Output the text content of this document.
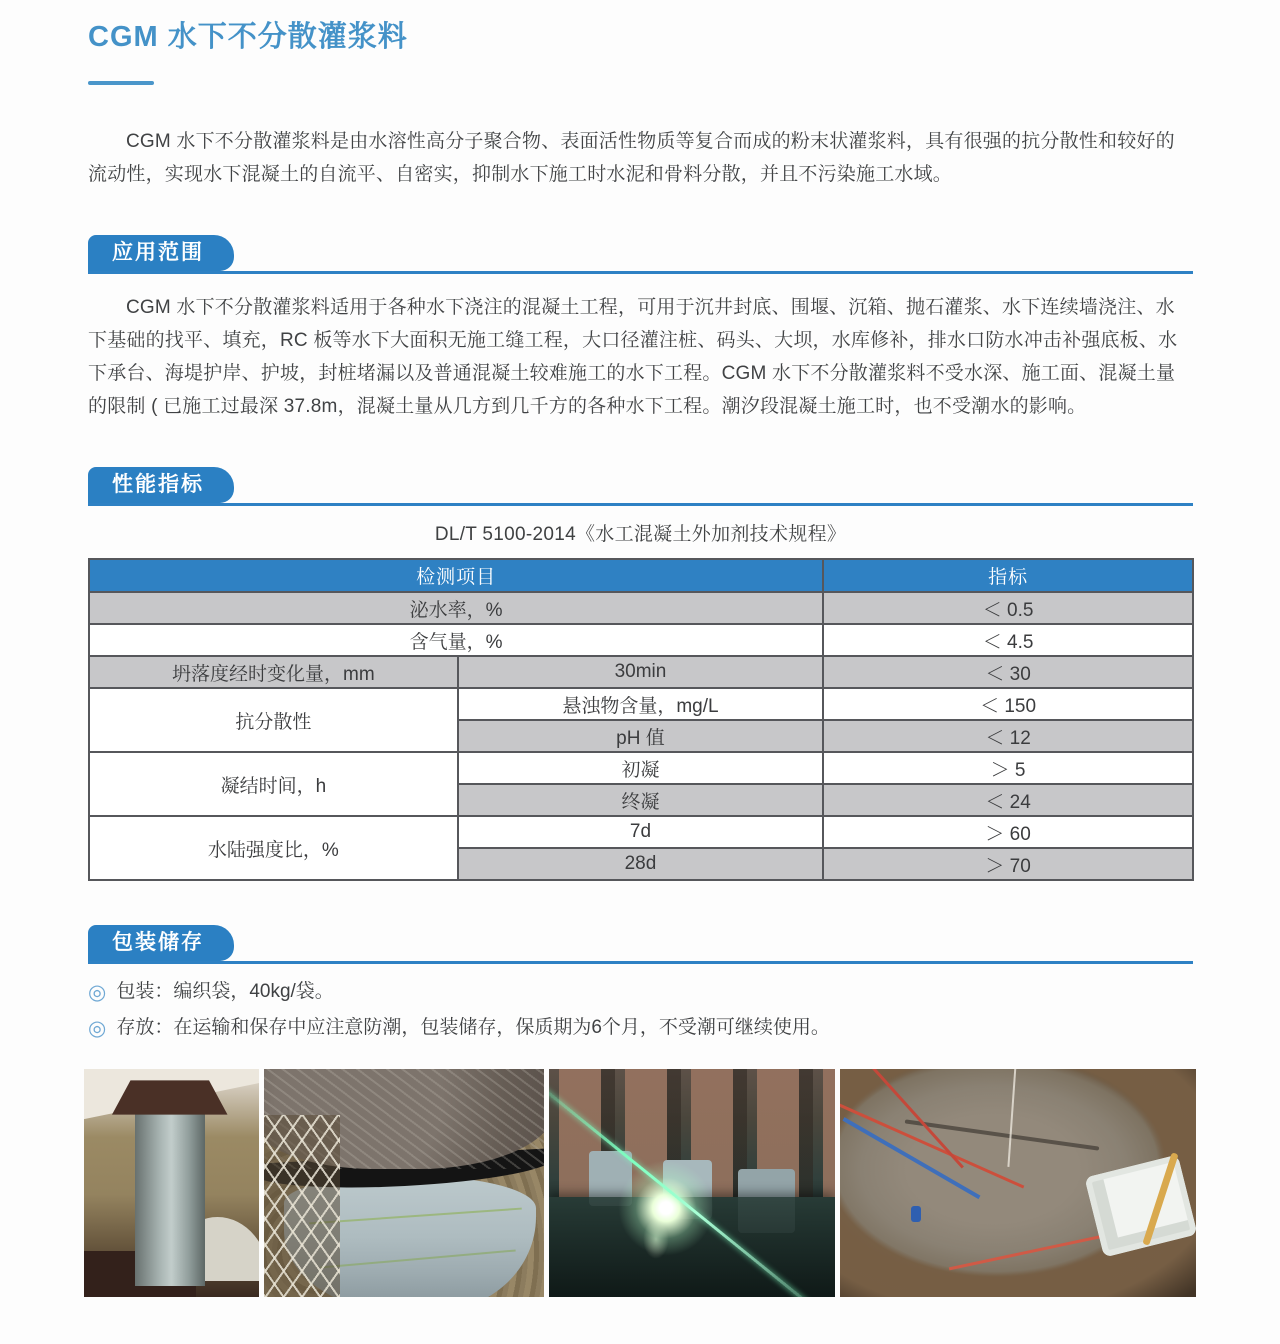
CGM 水下不分散灌浆料

CGM 水下不分散灌浆料是由水溶性高分子聚合物、表面活性物质等复合而成的粉末状灌浆料，具有很强的抗分散性和较好的流动性，实现水下混凝土的自流平、自密实，抑制水下施工时水泥和骨料分散，并且不污染施工水域。

应用范围

CGM 水下不分散灌浆料适用于各种水下浇注的混凝土工程，可用于沉井封底、围堰、沉箱、抛石灌浆、水下连续墙浇注、水下基础的找平、填充，RC 板等水下大面积无施工缝工程，大口径灌注桩、码头、大坝，水库修补，排水口防水冲击补强底板、水下承台、海堤护岸、护坡，封桩堵漏以及普通混凝土较难施工的水下工程。CGM 水下不分散灌浆料不受水深、施工面、混凝土量的限制 ( 已施工过最深 37.8m，混凝土量从几方到几千方的各种水下工程。潮汐段混凝土施工时，也不受潮水的影响。

性能指标

DL/T 5100-2014《水工混凝土外加剂技术规程》

检测项目		指标
泌水率，%		＜ 0.5
含气量，%		＜ 4.5
坍落度经时变化量，mm	30min	＜ 30
抗分散性	悬浊物含量，mg/L	＜ 150
	pH 值	＜ 12
凝结时间，h	初凝	＞ 5
	终凝	＜ 24
水陆强度比，%	7d	＞ 60
	28d	＞ 70
包装储存
◎ 包装：编织袋，40kg/袋。
◎ 存放：在运输和保存中应注意防潮，包装储存，保质期为6个月，不受潮可继续使用。
